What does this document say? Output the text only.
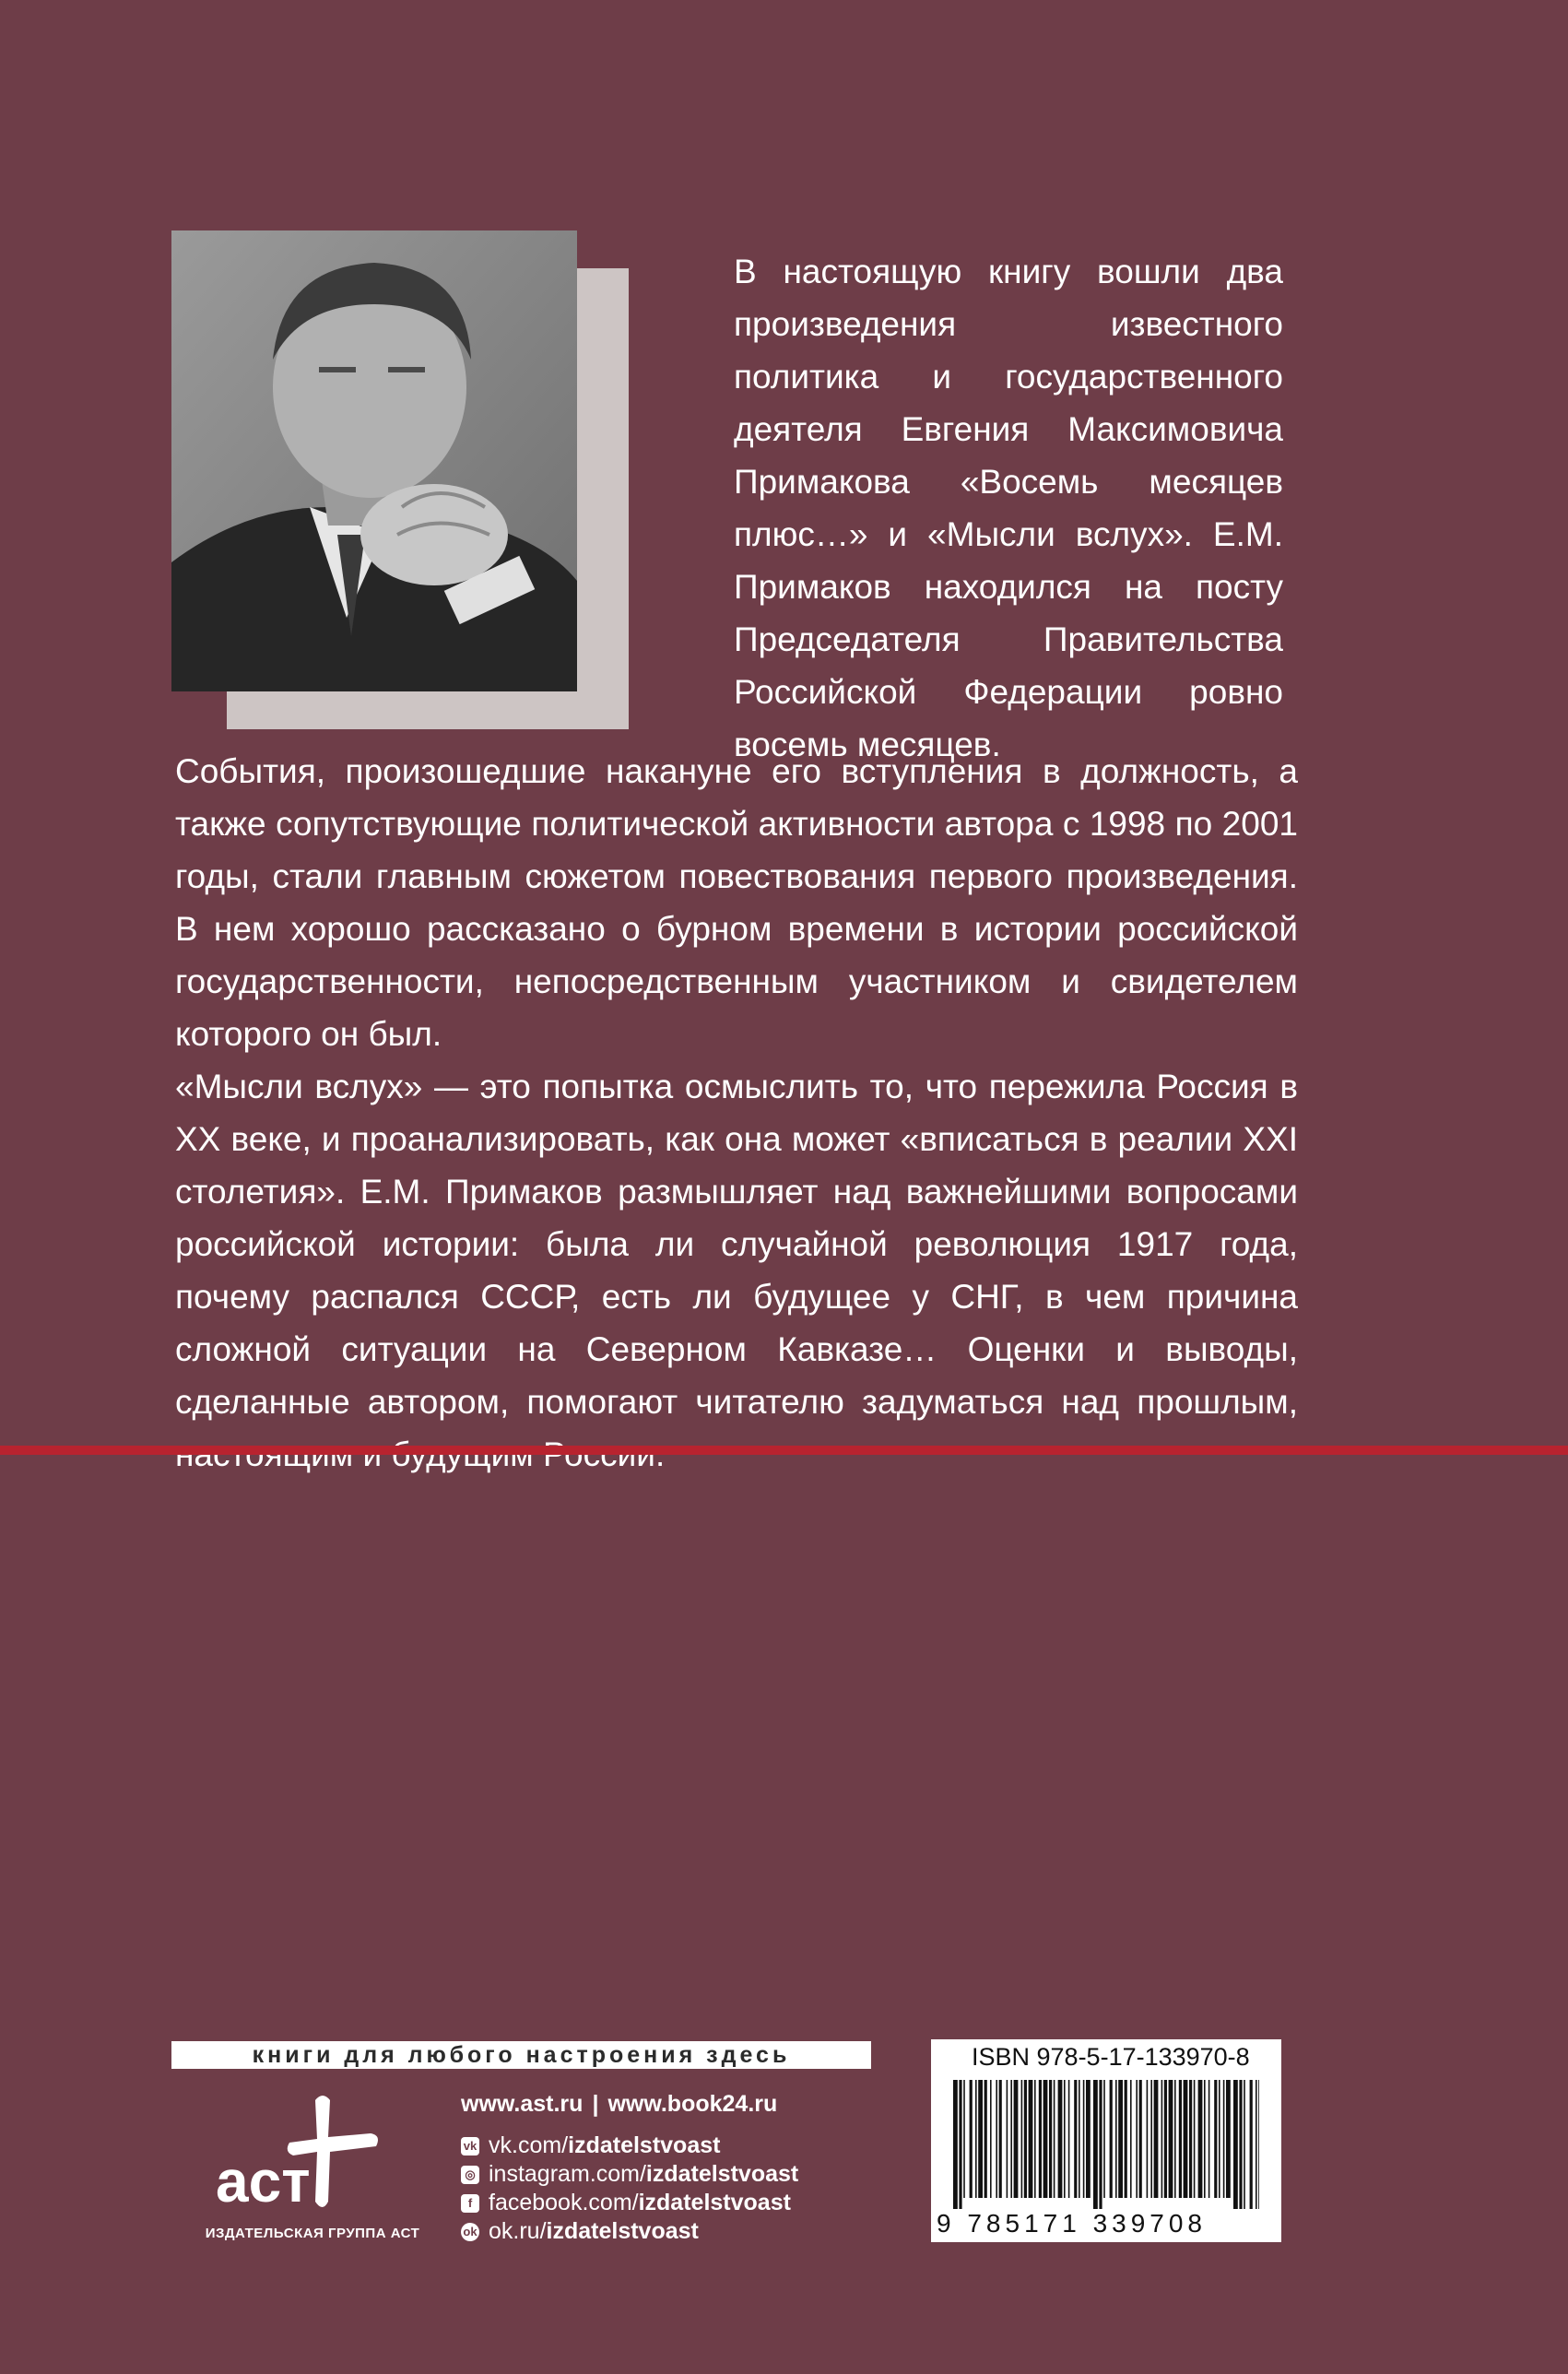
В настоящую книгу вошли два произведения известного политика и государственного деятеля Евгения Максимовича Примакова «Восемь месяцев плюс…» и «Мысли вслух». Е.М. Примаков находился на посту Председателя Правительства Российской Федерации ровно восемь месяцев.

События, произошедшие накануне его вступления в должность, а также сопутствующие политической активности автора с 1998 по 2001 годы, стали главным сюжетом повествования первого произведения. В нем хорошо рассказано о бурном времени в истории российской государственности, непосредственным участником и свидетелем которого он был.

«Мысли вслух» — это попытка осмыслить то, что пережила Россия в XX веке, и проанализировать, как она может «вписаться в реалии XXI столетия». Е.М. Примаков размышляет над важнейшими вопросами российской истории: была ли случайной революция 1917 года, почему распался СССР, есть ли будущее у СНГ, в чем причина сложной ситуации на Северном Кавказе… Оценки и выводы, сделанные автором, помогают читателю задуматься над прошлым,

книги для любого настроения здесь
аст
ИЗДАТЕЛЬСКАЯ ГРУППА АСТ
www.ast.ru | www.book24.ru
vk vk.com/ izdatelstvoast
◎ instagram.com/ izdatelstvoast
f facebook.com/ izdatelstvoast
ok ok.ru/ izdatelstvoast
ISBN 978-5-17-133970-8
9 785171 339708
